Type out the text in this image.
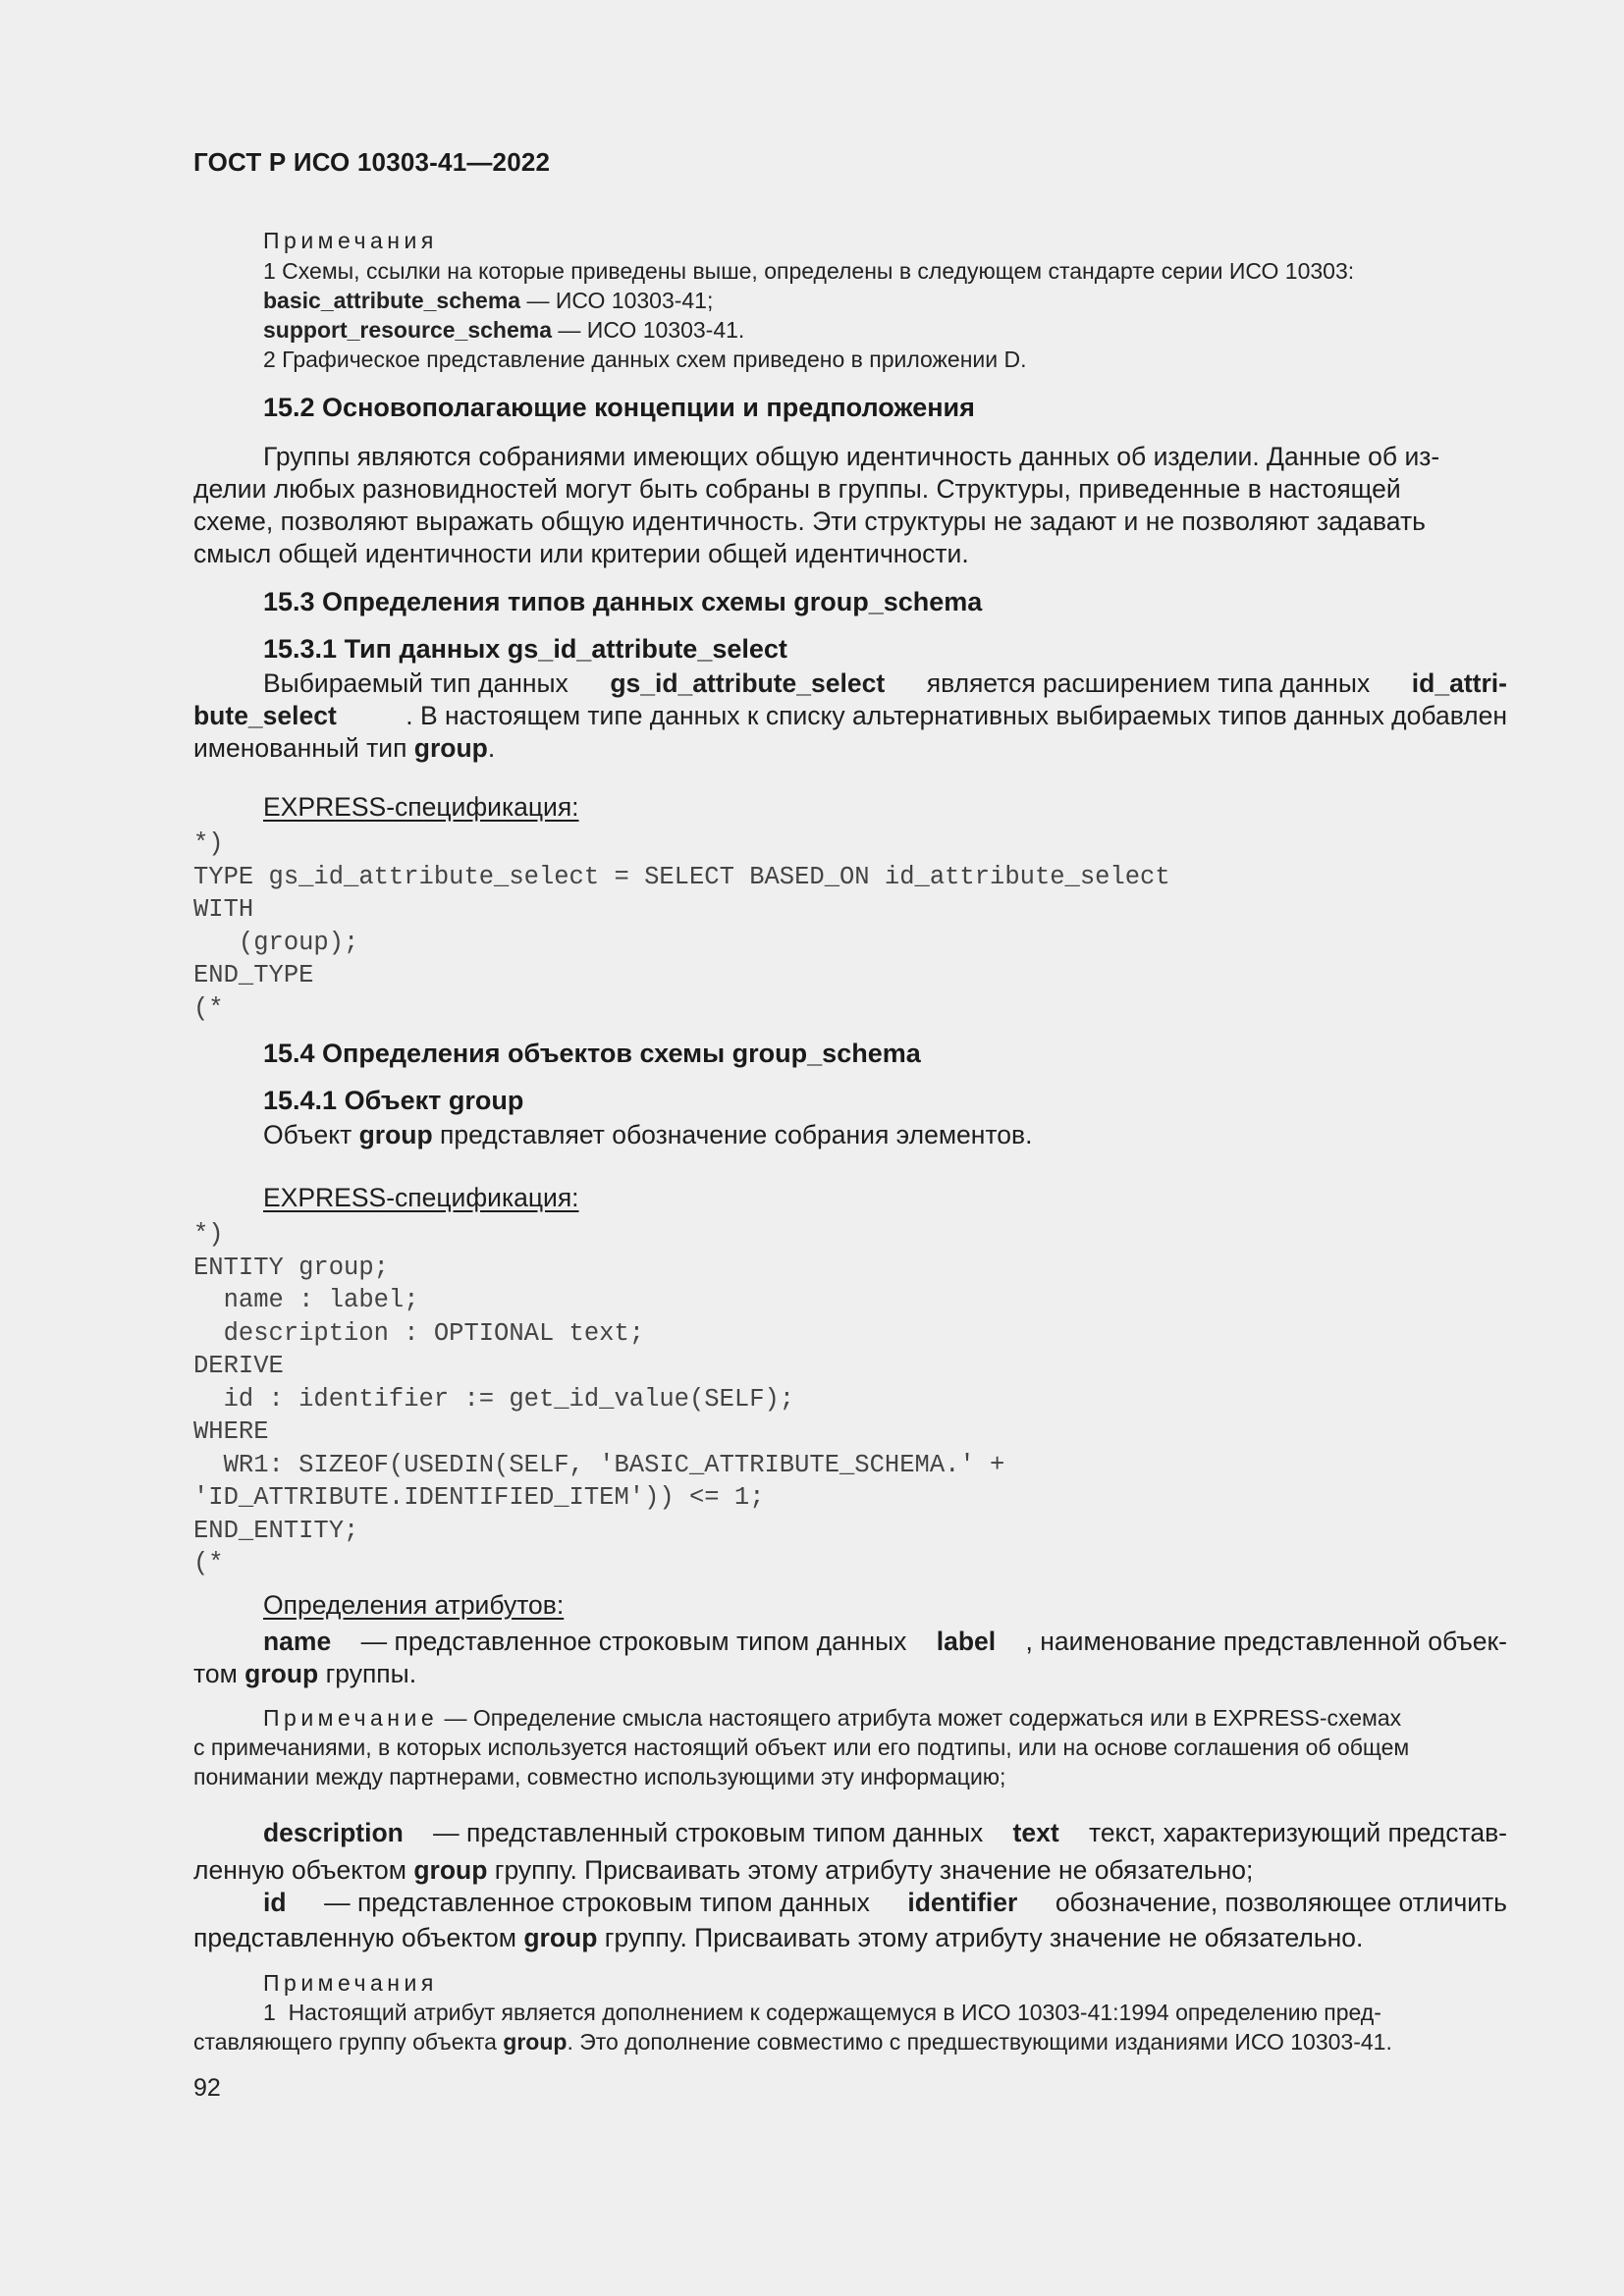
ГОСТ Р ИСО 10303-41—2022
Примечания
1 Схемы, ссылки на которые приведены выше, определены в следующем стандарте серии ИСО 10303:
basic_attribute_schema — ИСО 10303-41;
support_resource_schema — ИСО 10303-41.
2 Графическое представление данных схем приведено в приложении D.
15.2 Основополагающие концепции и предположения
Группы являются собраниями имеющих общую идентичность данных об изделии. Данные об из-
делии любых разновидностей могут быть собраны в группы. Структуры, приведенные в настоящей
схеме, позволяют выражать общую идентичность. Эти структуры не задают и не позволяют задавать
смысл общей идентичности или критерии общей идентичности.
15.3 Определения типов данных схемы group_schema
15.3.1 Тип данных gs_id_attribute_select
Выбираемый тип данных gs_id_attribute_select является расширением типа данных id_attri-
bute_select	. В настоящем типе данных к списку альтернативных выбираемых типов данных добавлен
именованный тип group.
EXPRESS-спецификация:
*)
TYPE gs_id_attribute_select = SELECT BASED_ON id_attribute_select
WITH
(group);
END_TYPE
(*
15.4 Определения объектов схемы group_schema
15.4.1 Объект group
Объект group представляет обозначение собрания элементов.
EXPRESS-спецификация:
*)
ENTITY group;
name : label;
description : OPTIONAL text;
DERIVE
id : identifier := get_id_value(SELF);
WHERE
WR1: SIZEOF(USEDIN(SELF, 'BASIC_ATTRIBUTE_SCHEMA.' +
'ID_ATTRIBUTE.IDENTIFIED_ITEM')) <= 1;
END_ENTITY;
(*
Определения атрибутов:
name — представленное строковым типом данных label , наименование представленной объек-
том group группы.
Примечание — Определение смысла настоящего атрибута может содержаться или в EXPRESS-схемах
с примечаниями, в которых используется настоящий объект или его подтипы, или на основе соглашения об общем
понимании между партнерами, совместно использующими эту информацию;
description — представленный строковым типом данных text текст, характеризующий представ-
ленную объектом group группу. Присваивать этому атрибуту значение не обязательно;
id — представленное строковым типом данных identifier обозначение, позволяющее отличить
представленную объектом group группу. Присваивать этому атрибуту значение не обязательно.
Примечания
1  Настоящий атрибут является дополнением к содержащемуся в ИСО 10303-41:1994 определению пред-
ставляющего группу объекта group. Это дополнение совместимо с предшествующими изданиями ИСО 10303-41.
92
